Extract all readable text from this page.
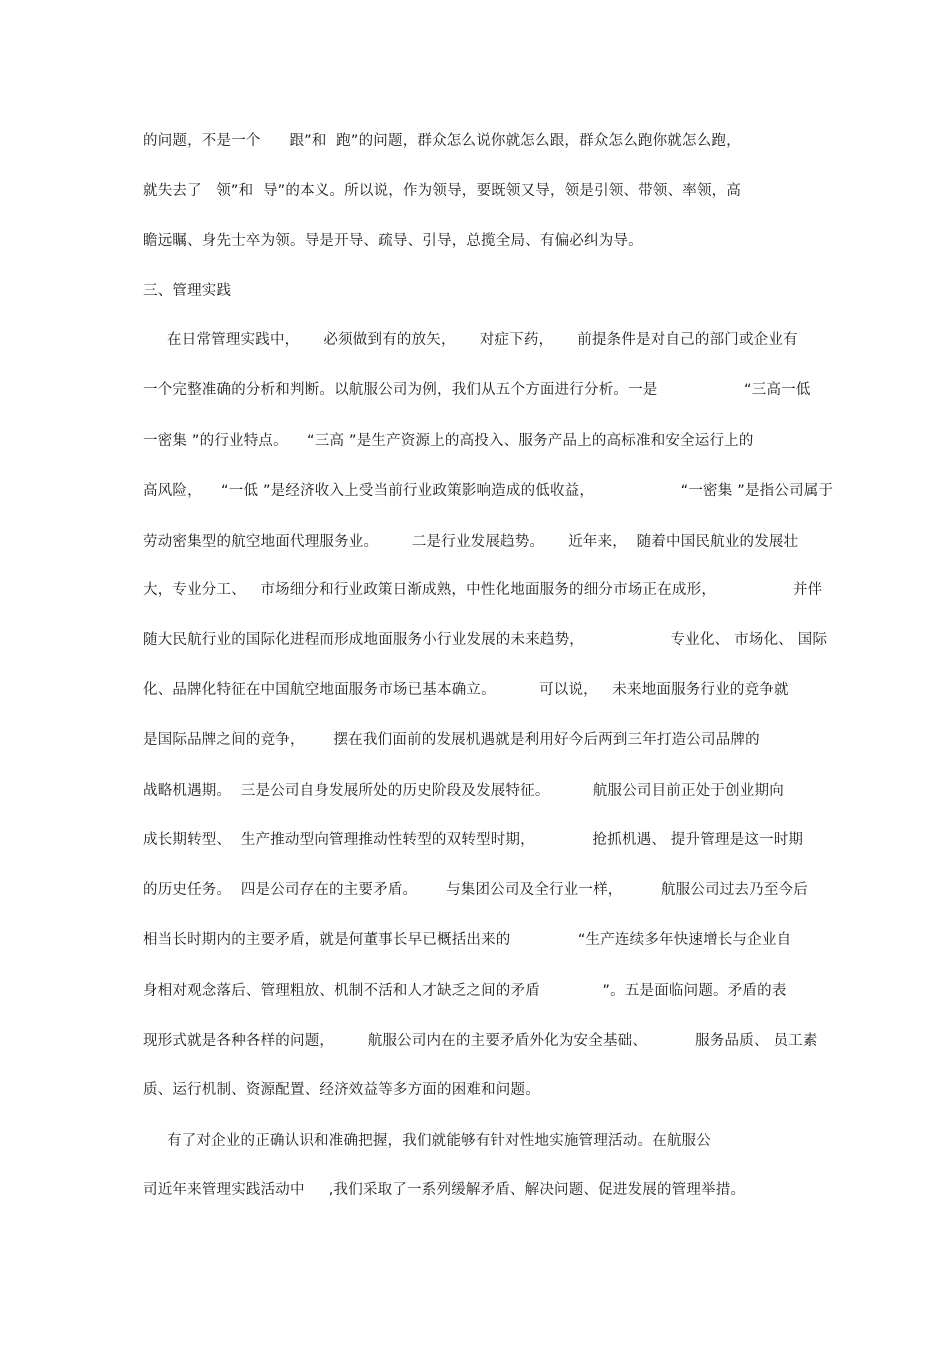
的问题，不是一个      跟”和  跑”的问题，群众怎么说你就怎么跟，群众怎么跑你就怎么跑，
就失去了   领”和  导”的本义。所以说，作为领导，要既领又导，领是引领、带领、率领，高
瞻远瞩、身先士卒为领。导是开导、疏导、引导，总揽全局、有偏必纠为导。
三、管理实践
在日常管理实践中，     必须做到有的放矢，     对症下药，     前提条件是对自己的部门或企业有
一个完整准确的分析和判断。以航服公司为例，我们从五个方面进行分析。一是                  “三高一低
一密集 ”的行业特点。    “三高 ”是生产资源上的高投入、服务产品上的高标准和安全运行上的
高风险，    “一低 ”是经济收入上受当前行业政策影响造成的低收益，                  “一密集 ”是指公司属于
劳动密集型的航空地面代理服务业。       二是行业发展趋势。     近年来，  随着中国民航业的发展壮
大，专业分工、   市场细分和行业政策日渐成熟，中性化地面服务的细分市场正在成形，                并伴
随大民航行业的国际化进程而形成地面服务小行业发展的未来趋势，                  专业化、 市场化、 国际
化、品牌化特征在中国航空地面服务市场已基本确立。         可以说，   未来地面服务行业的竞争就
是国际品牌之间的竞争，      摆在我们面前的发展机遇就是利用好今后两到三年打造公司品牌的
战略机遇期。  三是公司自身发展所处的历史阶段及发展特征。         航服公司目前正处于创业期向
成长期转型、  生产推动型向管理推动性转型的双转型时期，            抢抓机遇、 提升管理是这一时期
的历史任务。  四是公司存在的主要矛盾。      与集团公司及全行业一样，        航服公司过去乃至今后
相当长时期内的主要矛盾，就是何董事长早已概括出来的              “生产连续多年快速增长与企业自
身相对观念落后、管理粗放、机制不活和人才缺乏之间的矛盾             ”。五是面临问题。矛盾的表
现形式就是各种各样的问题，       航服公司内在的主要矛盾外化为安全基础、          服务品质、 员工素
质、运行机制、资源配置、经济效益等多方面的困难和问题。
有了对企业的正确认识和准确把握，我们就能够有针对性地实施管理活动。在航服公
司近年来管理实践活动中     ,我们采取了一系列缓解矛盾、解决问题、促进发展的管理举措。
